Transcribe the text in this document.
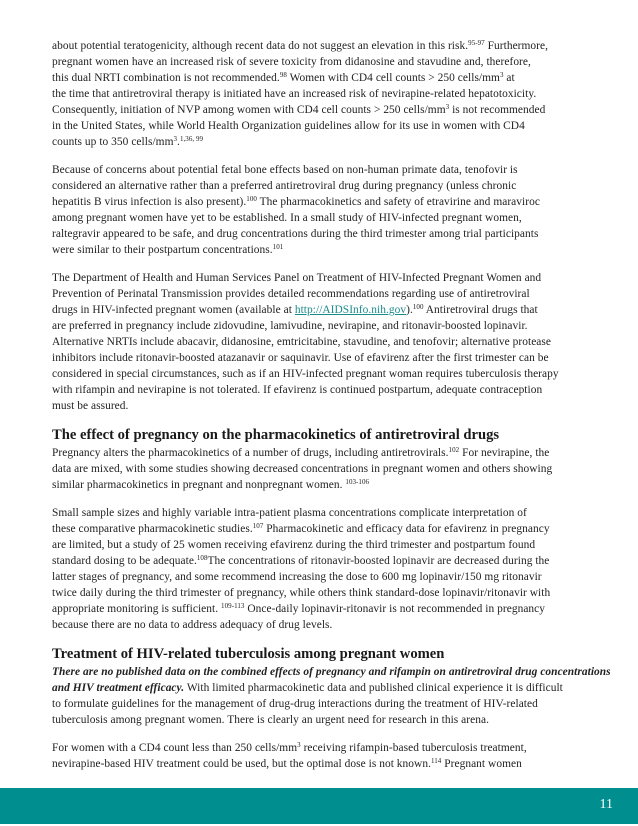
about potential teratogenicity, although recent data do not suggest an elevation in this risk.$^{95-97}$ Furthermore,
pregnant women have an increased risk of severe toxicity from didanosine and stavudine and, therefore,
this dual NRTI combination is not recommended.$^{98}$ Women with CD4 cell counts > 250 cells/$mm^3$ at
the time that antiretroviral therapy is initiated have an increased risk of nevirapine-related hepatotoxicity.
Consequently, initiation of NVP among women with CD4 cell counts > 250 cells/$mm^3$ is not recommended
in the United States, while World Health Organization guidelines allow for its use in women with CD4
counts up to 350 cells/$mm^3.^{1,36, 99}$
Because of concerns about potential fetal bone effects based on non-human primate data, tenofovir is
considered an alternative rather than a preferred antiretroviral drug during pregnancy (unless chronic
hepatitis B virus infection is also present).$^{100}$ The pharmacokinetics and safety of etravirine and maraviroc
among pregnant women have yet to be established. In a small study of HIV-infected pregnant women,
raltegravir appeared to be safe, and drug concentrations during the third trimester among trial participants
were similar to their postpartum concentrations.$^{101}$
The Department of Health and Human Services Panel on Treatment of HIV-Infected Pregnant Women and
Prevention of Perinatal Transmission provides detailed recommendations regarding use of antiretroviral
drugs in HIV-infected pregnant women (available at http://AIDSInfo.nih.gov).$^{100}$ Antiretroviral drugs that
are preferred in pregnancy include zidovudine, lamivudine, nevirapine, and ritonavir-boosted lopinavir.
Alternative NRTIs include abacavir, didanosine, emtricitabine, stavudine, and tenofovir; alternative protease
inhibitors include ritonavir-boosted atazanavir or saquinavir. Use of efavirenz after the first trimester can be
considered in special circumstances, such as if an HIV-infected pregnant woman requires tuberculosis therapy
with rifampin and nevirapine is not tolerated. If efavirenz is continued postpartum, adequate contraception
must be assured.
The effect of pregnancy on the pharmacokinetics of antiretroviral drugs
Pregnancy alters the pharmacokinetics of a number of drugs, including antiretrovirals.$^{102}$ For nevirapine, the
data are mixed, with some studies showing decreased concentrations in pregnant women and others showing
similar pharmacokinetics in pregnant and nonpregnant women. $^{103-106}$
Small sample sizes and highly variable intra-patient plasma concentrations complicate interpretation of
these comparative pharmacokinetic studies.$^{107}$ Pharmacokinetic and efficacy data for efavirenz in pregnancy
are limited, but a study of 25 women receiving efavirenz during the third trimester and postpartum found
standard dosing to be adequate.$^{108}$The concentrations of ritonavir-boosted lopinavir are decreased during the
latter stages of pregnancy, and some recommend increasing the dose to 600 mg lopinavir/150 mg ritonavir
twice daily during the third trimester of pregnancy, while others think standard-dose lopinavir/ritonavir with
appropriate monitoring is sufficient. $^{109-113}$ Once-daily lopinavir-ritonavir is not recommended in pregnancy
because there are no data to address adequacy of drug levels.
Treatment of HIV-related tuberculosis among pregnant women
There are no published data on the combined effects of pregnancy and rifampin on antiretroviral drug concentrations
and HIV treatment efficacy. With limited pharmacokinetic data and published clinical experience it is difficult
to formulate guidelines for the management of drug-drug interactions during the treatment of HIV-related
tuberculosis among pregnant women. There is clearly an urgent need for research in this arena.
For women with a CD4 count less than 250 cells/$mm^3$ receiving rifampin-based tuberculosis treatment,
nevirapine-based HIV treatment could be used, but the optimal dose is not known.$^{114}$ Pregnant women
11
